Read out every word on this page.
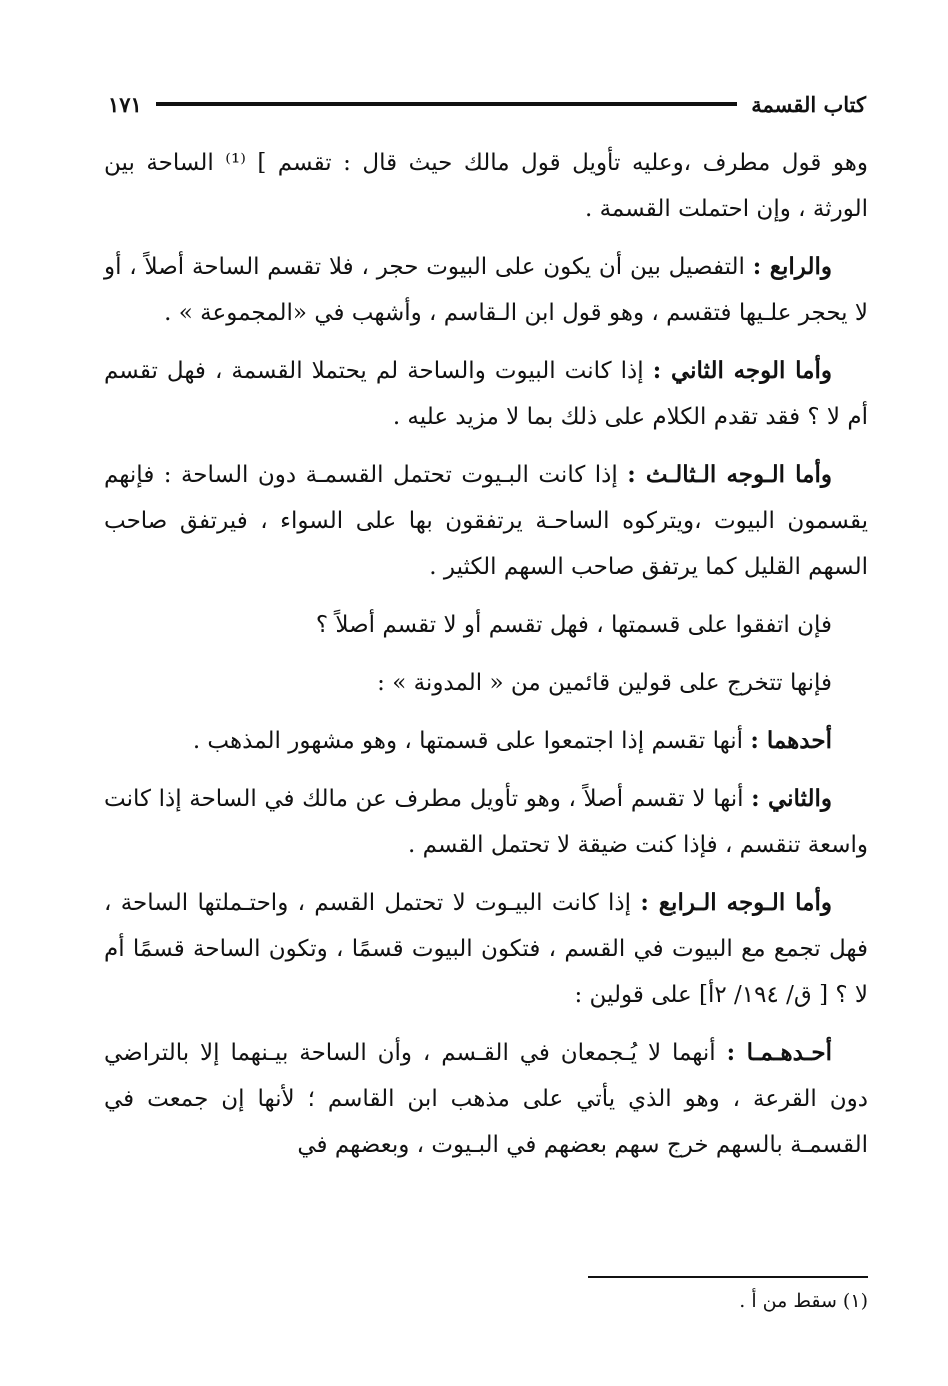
كتاب القسمة
١٧١

وهو قول مطرف ،وعليه تأويل قول مالك حيث قال : تقسم ] ⁽¹⁾ الساحة بين الورثة ، وإن احتملت القسمة .

والرابع : التفصيل بين أن يكون على البيوت حجر ، فلا تقسم الساحة أصلاً ، أو لا يحجر علـيها فتقسم ، وهو قول ابن الـقاسم ، وأشهب في «المجموعة » .

وأما الوجه الثاني : إذا كانت البيوت والساحة لم يحتملا القسمة ، فهل تقسم أم لا ؟ فقد تقدم الكلام على ذلك بما لا مزيد عليه .

وأما الـوجه الـثالـث : إذا كانت البـيوت تحتمل القسمـة دون الساحة : فإنهم يقسمون البيوت ،ويتركوه الساحـة يرتفقون بها على السواء ، فيرتفق صاحب السهم القليل كما يرتفق صاحب السهم الكثير .

فإن اتفقوا على قسمتها ، فهل تقسم أو لا تقسم أصلاً ؟

فإنها تتخرج على قولين قائمين من « المدونة » :

أحدهما : أنها تقسم إذا اجتمعوا على قسمتها ، وهو مشهور المذهب .

والثاني : أنها لا تقسم أصلاً ، وهو تأويل مطرف عن مالك في الساحة إذا كانت واسعة تنقسم ، فإذا كنت ضيقة لا تحتمل القسم .

وأما الـوجه الـرابع : إذا كانت البيـوت لا تحتمل القسم ، واحتـملتها الساحة ، فهل تجمع مع البيوت في القسم ، فتكون البيوت قسمًا ، وتكون الساحة قسمًا أم لا ؟ [ ق/ ١٩٤/ ٢أ] على قولين :

أحـدهـمـا : أنهما لا يُـجمعان في القـسم ، وأن الساحة بيـنهما إلا بالتراضي دون القرعة ، وهو الذي يأتي على مذهب ابن القاسم ؛ لأنها إن جمعت في القسمـة بالسهم خرج سهم بعضهم في البـيوت ، وبعضهم في

(١) سقط من أ .
